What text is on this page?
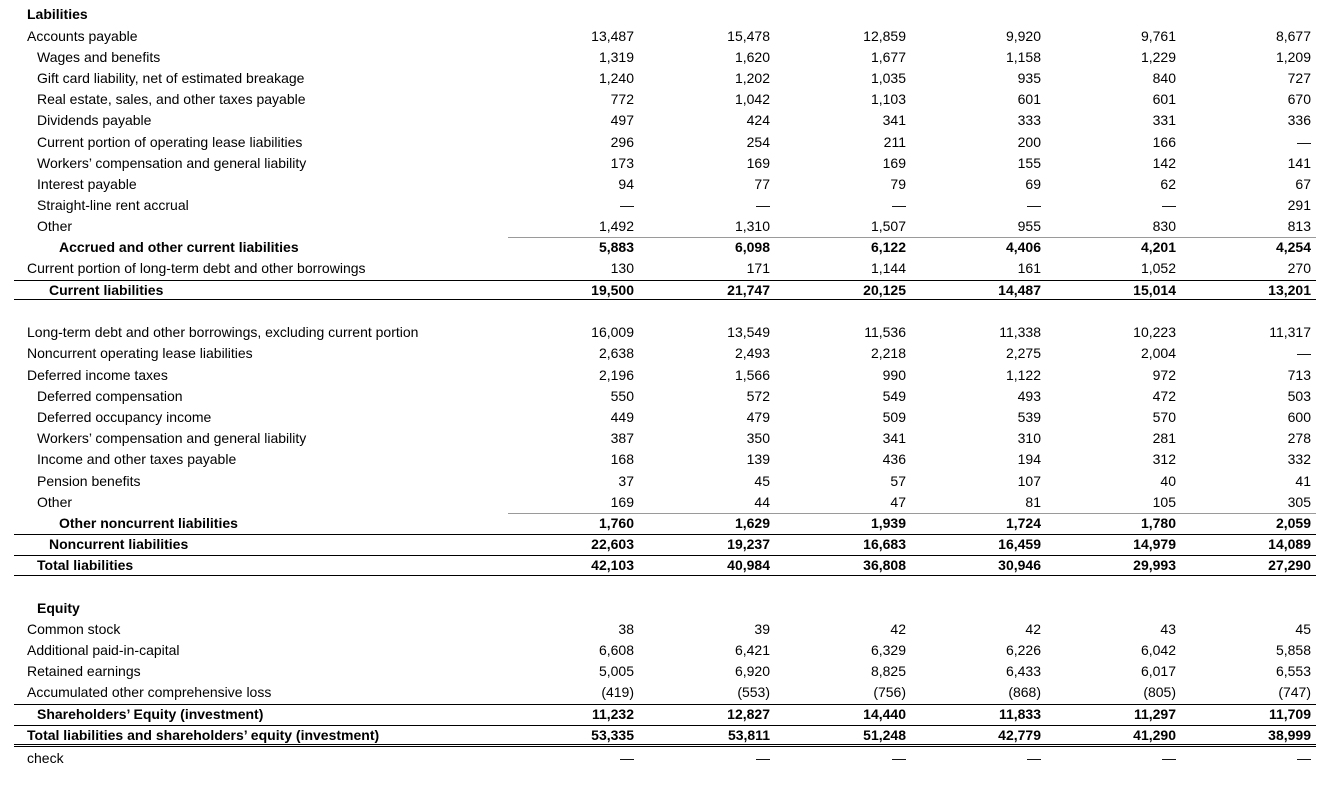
Labilities
Accounts payable	13,487	15,478	12,859	9,920	9,761	8,677
Wages and benefits	1,319	1,620	1,677	1,158	1,229	1,209
Gift card liability, net of estimated breakage	1,240	1,202	1,035	935	840	727
Real estate, sales, and other taxes payable	772	1,042	1,103	601	601	670
Dividends payable	497	424	341	333	331	336
Current portion of operating lease liabilities	296	254	211	200	166	—
Workers’ compensation and general liability	173	169	169	155	142	141
Interest payable	94	77	79	69	62	67
Straight-line rent accrual	—	—	—	—	—	291
Other	1,492	1,310	1,507	955	830	813
Accrued and other current liabilities	5,883	6,098	6,122	4,406	4,201	4,254
Current portion of long-term debt and other borrowings	130	171	1,144	161	1,052	270
Current liabilities	19,500	21,747	20,125	14,487	15,014	13,201
Long-term debt and other borrowings, excluding current portion	16,009	13,549	11,536	11,338	10,223	11,317
Noncurrent operating lease liabilities	2,638	2,493	2,218	2,275	2,004	—
Deferred income taxes	2,196	1,566	990	1,122	972	713
Deferred compensation	550	572	549	493	472	503
Deferred occupancy income	449	479	509	539	570	600
Workers’ compensation and general liability	387	350	341	310	281	278
Income and other taxes payable	168	139	436	194	312	332
Pension benefits	37	45	57	107	40	41
Other	169	44	47	81	105	305
Other noncurrent liabilities	1,760	1,629	1,939	1,724	1,780	2,059
Noncurrent liabilities	22,603	19,237	16,683	16,459	14,979	14,089
Total liabilities	42,103	40,984	36,808	30,946	29,993	27,290
Equity
Common stock	38	39	42	42	43	45
Additional paid-in-capital	6,608	6,421	6,329	6,226	6,042	5,858
Retained earnings	5,005	6,920	8,825	6,433	6,017	6,553
Accumulated other comprehensive loss	(419)	(553)	(756)	(868)	(805)	(747)
Shareholders’ Equity (investment)	11,232	12,827	14,440	11,833	11,297	11,709
Total liabilities and shareholders’ equity (investment)	53,335	53,811	51,248	42,779	41,290	38,999
check	—	—	—	—	—	—
